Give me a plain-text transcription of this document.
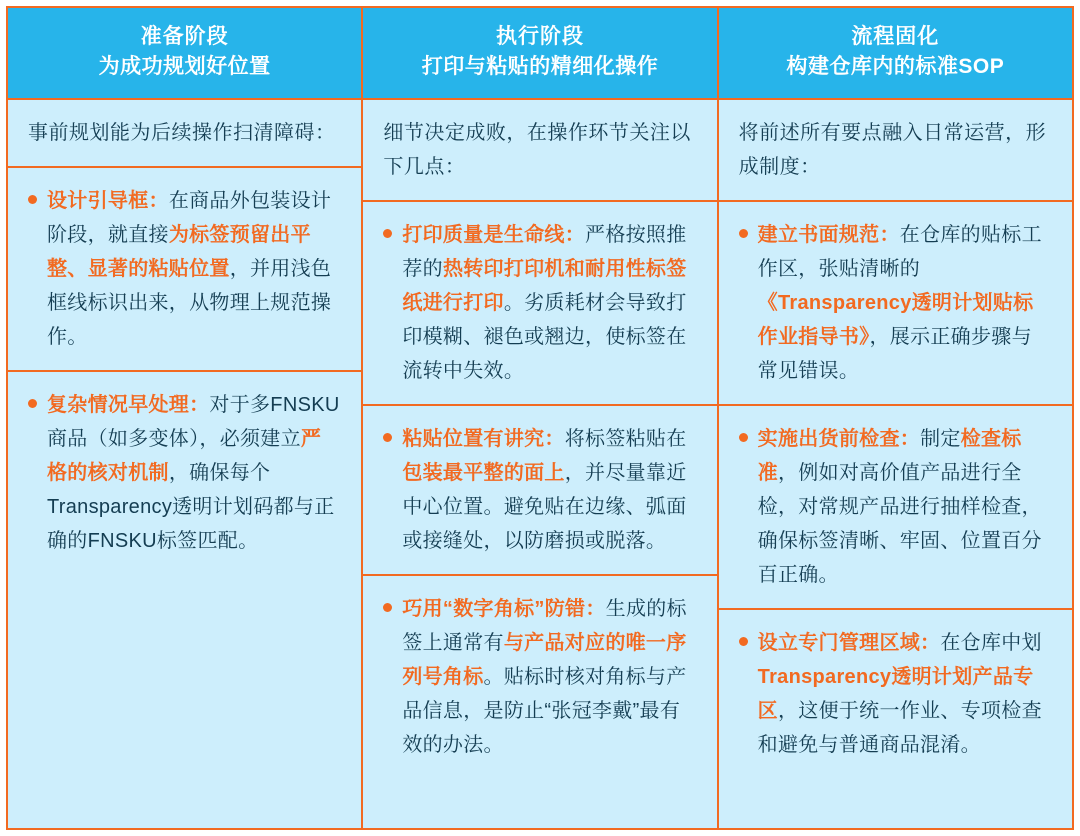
准备阶段
为成功规划好位置
事前规划能为后续操作扫清障碍：
设计引导框：在商品外包装设计阶段，就直接为标签预留出平整、显著的粘贴位置，并用浅色框线标识出来，从物理上规范操作。
复杂情况早处理：对于多FNSKU商品（如多变体），必须建立严格的核对机制，确保每个Transparency透明计划码都与正确的FNSKU标签匹配。
执行阶段
打印与粘贴的精细化操作
细节决定成败，在操作环节关注以下几点：
打印质量是生命线：严格按照推荐的热转印打印机和耐用性标签纸进行打印。劣质耗材会导致打印模糊、褪色或翘边，使标签在流转中失效。
粘贴位置有讲究：将标签粘贴在包装最平整的面上，并尽量靠近中心位置。避免贴在边缘、弧面或接缝处，以防磨损或脱落。
巧用“数字角标”防错：生成的标签上通常有与产品对应的唯一序列号角标。贴标时核对角标与产品信息，是防止“张冠李戴”最有效的办法。
流程固化
构建仓库内的标准SOP
将前述所有要点融入日常运营，形成制度：
建立书面规范：在仓库的贴标工作区，张贴清晰的《Transparency透明计划贴标作业指导书》，展示正确步骤与常见错误。
实施出货前检查：制定检查标准，例如对高价值产品进行全检，对常规产品进行抽样检查，确保标签清晰、牢固、位置百分百正确。
设立专门管理区域：在仓库中划Transparency透明计划产品专区，这便于统一作业、专项检查和避免与普通商品混淆。
